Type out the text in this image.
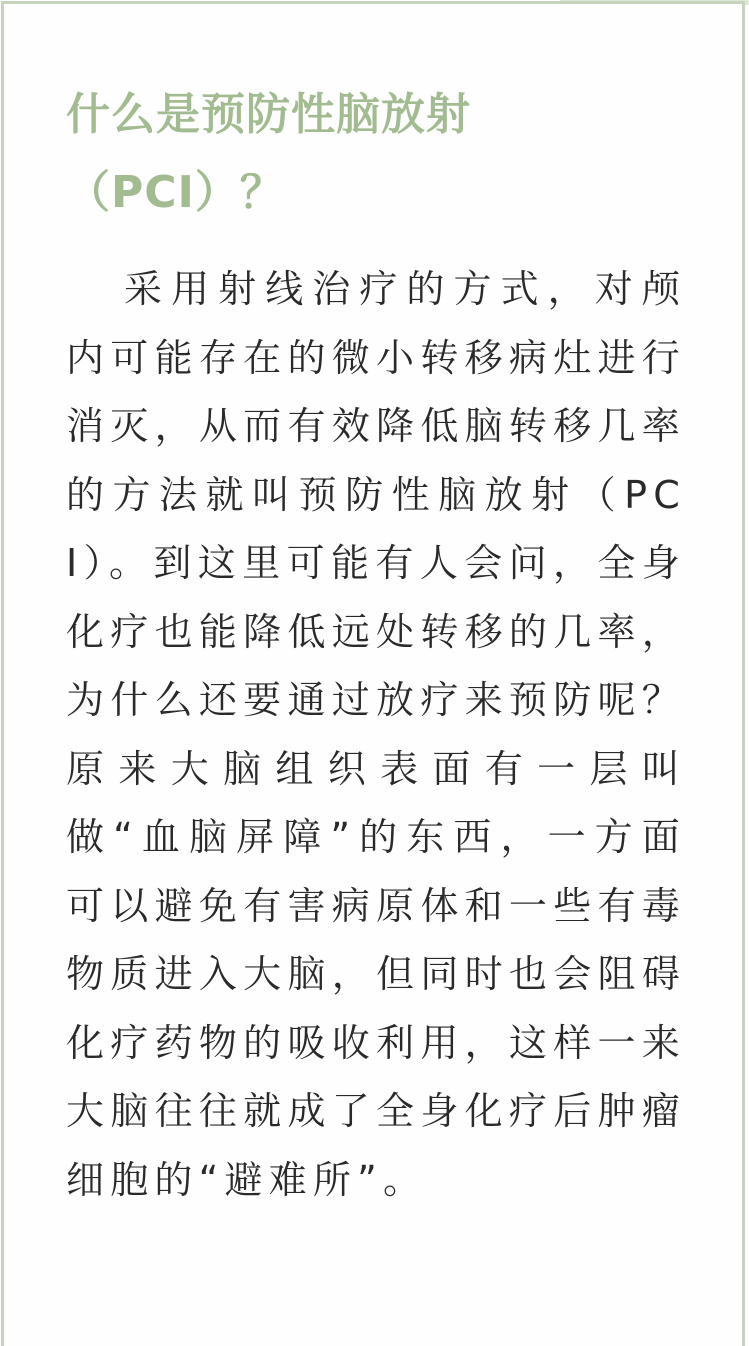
什么是预防性脑放射
（PCI）？

采用射线治疗的方式，对颅内可能存在的微小转移病灶进行消灭，从而有效降低脑转移几率的方法就叫预防性脑放射（PCI）。到这里可能有人会问，全身化疗也能降低远处转移的几率，为什么还要通过放疗来预防呢？原来大脑组织表面有一层叫做“血脑屏障”的东西，一方面可以避免有害病原体和一些有毒物质进入大脑，但同时也会阻碍化疗药物的吸收利用，这样一来大脑往往就成了全身化疗后肿瘤细胞的“避难所”。
